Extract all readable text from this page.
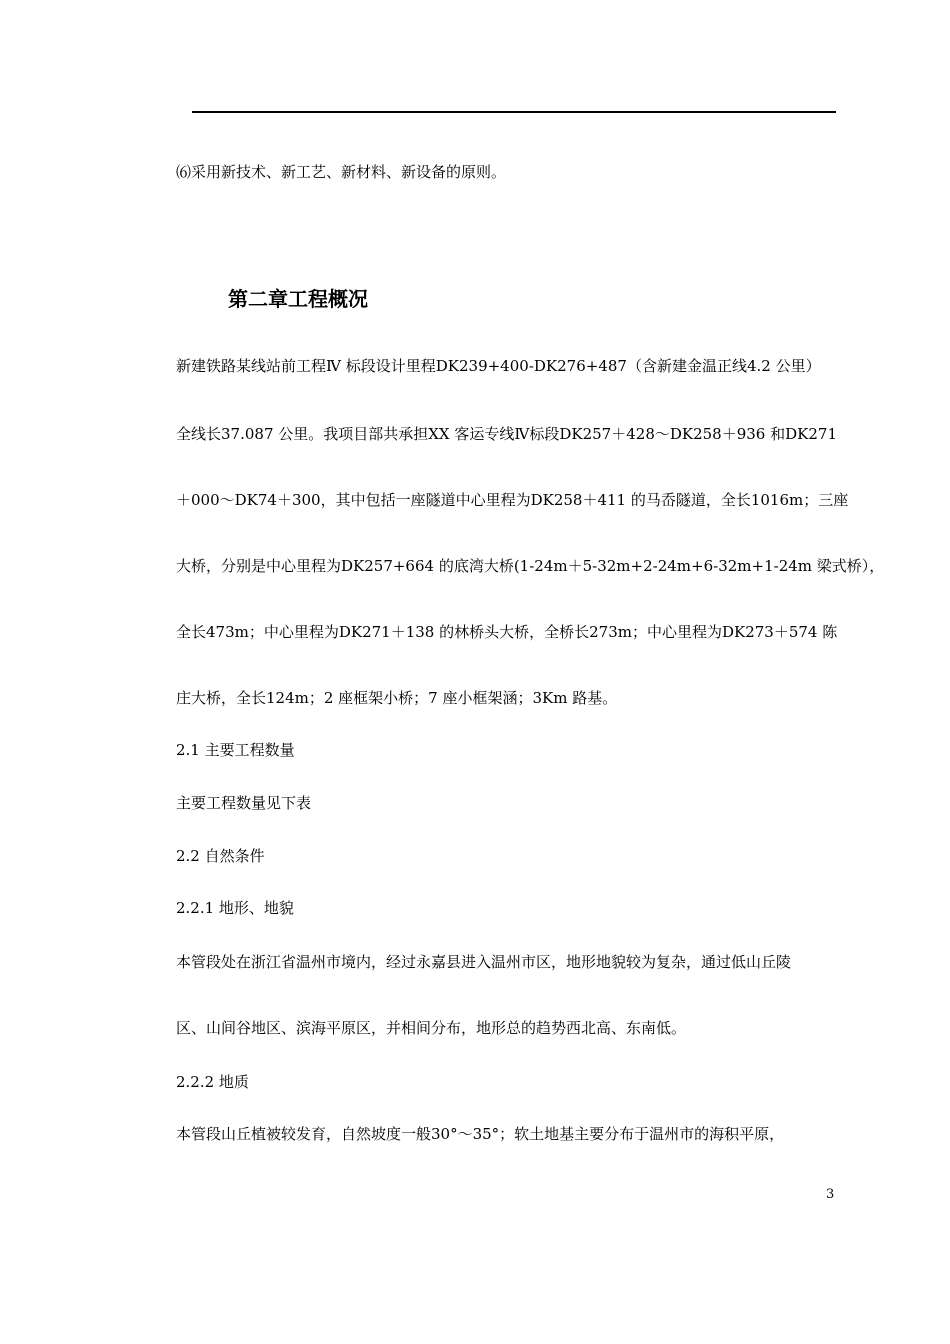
⑹采用新技术、新工艺、新材料、新设备的原则。
第二章工程概况
新建铁路某线站前工程Ⅳ 标段设计里程DK239+400-DK276+487（含新建金温正线4.2 公里）
全线长37.087 公里。我项目部共承担XX 客运专线Ⅳ标段DK257＋428～DK258＋936 和DK271
＋000～DK74＋300，其中包括一座隧道中心里程为DK258＋411 的马岙隧道，全长1016m；三座
大桥，分别是中心里程为DK257+664 的底湾大桥(1-24m＋5-32m+2-24m+6-32m+1-24m 梁式桥），
全长473m；中心里程为DK271＋138 的林桥头大桥，全桥长273m；中心里程为DK273＋574 陈
庄大桥，全长124m；2 座框架小桥；7 座小框架涵；3Km 路基。
2.1 主要工程数量
主要工程数量见下表
2.2 自然条件
2.2.1 地形、地貌
本管段处在浙江省温州市境内，经过永嘉县进入温州市区，地形地貌较为复杂，通过低山丘陵
区、山间谷地区、滨海平原区，并相间分布，地形总的趋势西北高、东南低。
2.2.2 地质
本管段山丘植被较发育，自然坡度一般30°～35°；软土地基主要分布于温州市的海积平原，
3
